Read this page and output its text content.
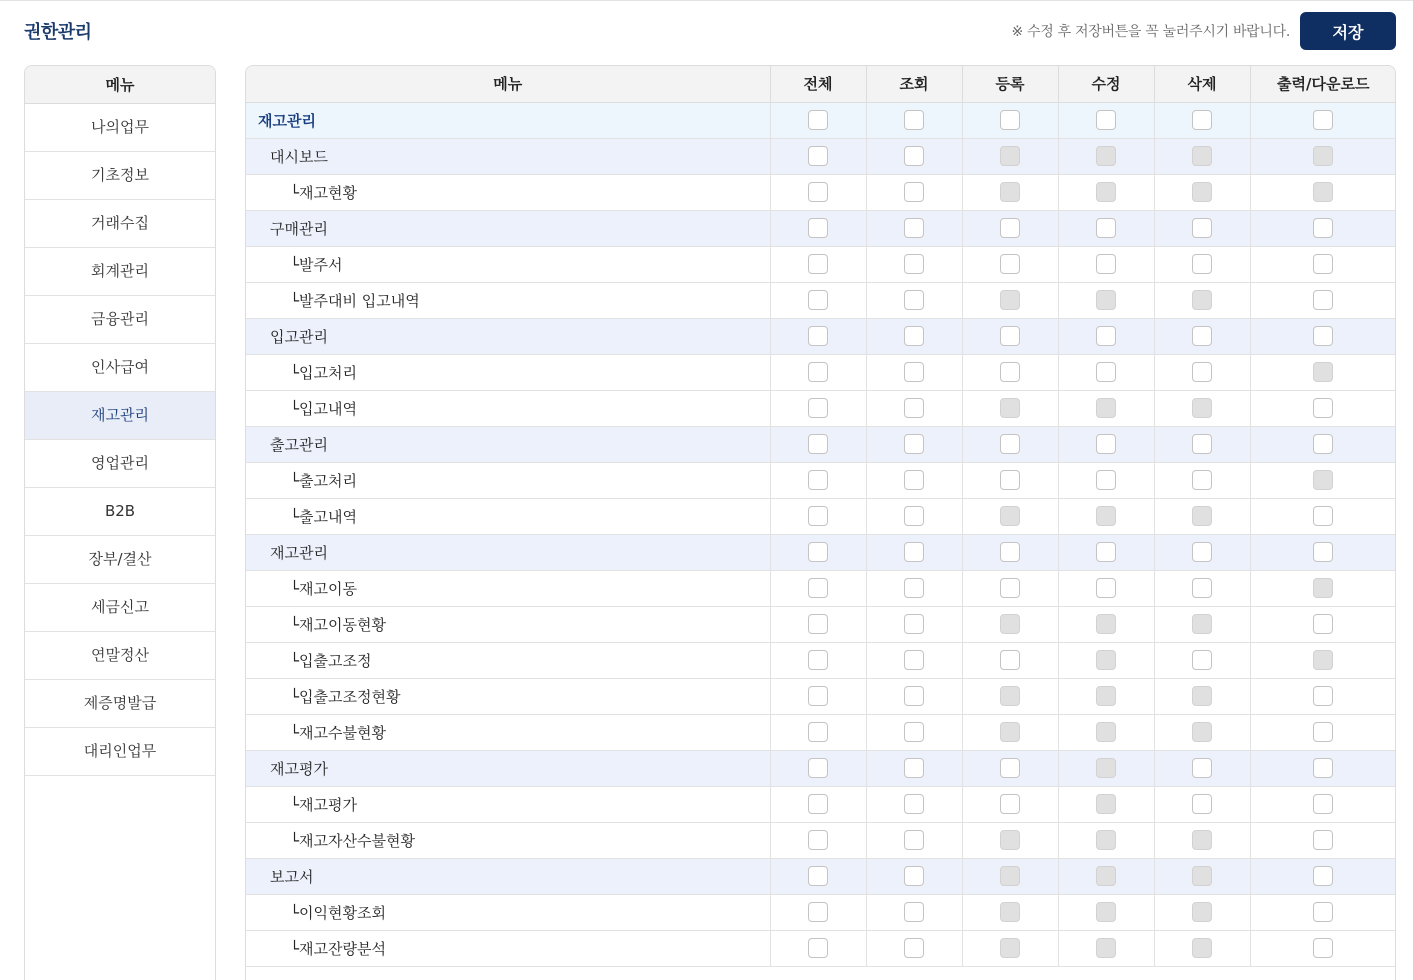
권한관리	※ 수정 후 저장버튼을 꼭 눌러주시기 바랍니다.	저장
메뉴
나의업무
기초정보
거래수집
회계관리
금융관리
인사급여
재고관리
영업관리
B2B
장부/결산
세금신고
연말정산
제증명발급
대리인업무
메뉴	전체	조회	등록	수정	삭제	출력/다운로드
재고관리						
대시보드						
└재고현황						
구매관리						
└발주서						
└발주대비 입고내역						
입고관리						
└입고처리						
└입고내역						
출고관리						
└출고처리						
└출고내역						
재고관리						
└재고이동						
└재고이동현황						
└입출고조정						
└입출고조정현황						
└재고수불현황						
재고평가						
└재고평가						
└재고자산수불현황						
보고서						
└이익현황조회						
└재고잔량분석						
